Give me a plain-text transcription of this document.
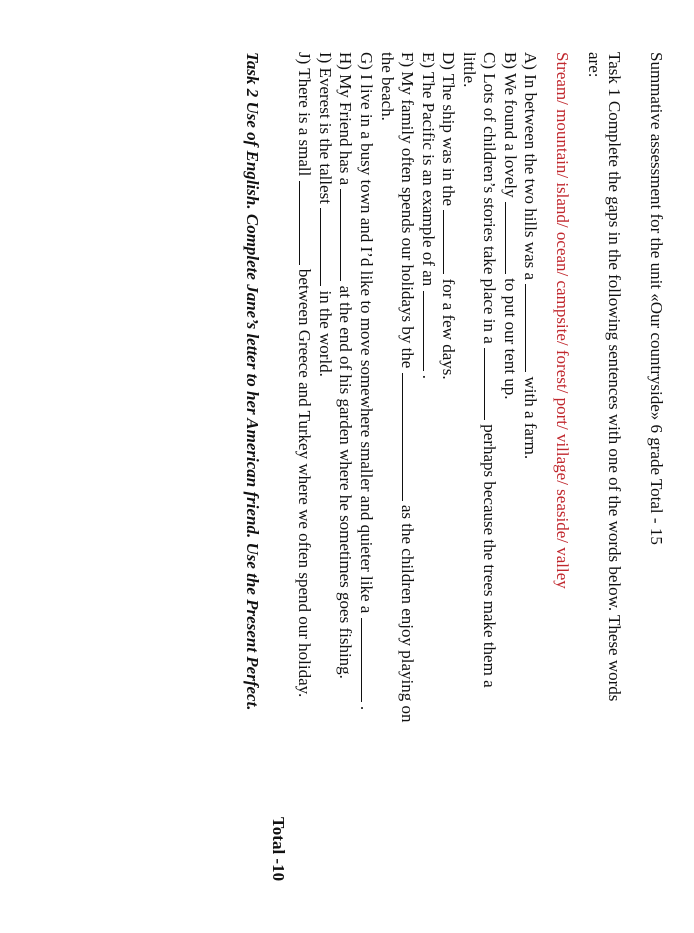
Summative assessment for the unit «Our countryside» 6 grade Total - 15
Task 1 Complete the gaps in the following sentences with one of the words below. These words
are:
Stream/ mountain/ island/ ocean/ campsite/ forest/ port/ village/ seaside/ valley
A) In between the two hills was a  with a farm.
B) We found a lovely  to put our tent up.
C) Lots of children’s stories take place in a  perhaps because the trees make them a
little.
D) The ship was in the  for a few days.
E) The Pacific is an example of an  .
F) My family often spends our holidays by the  as the children enjoy playing on
the beach.
G) I live in a busy town and I’d like to move somewhere smaller and quieter like a  .
H) My Friend has a  at the end of his garden where he sometimes goes fishing.
I) Everest is the tallest  in the world.
J) There is a small  between Greece and Turkey where we often spend our holiday.
Total -10
Task 2 Use of English. Complete Jane’s letter to her American friend. Use the Present Perfect.
